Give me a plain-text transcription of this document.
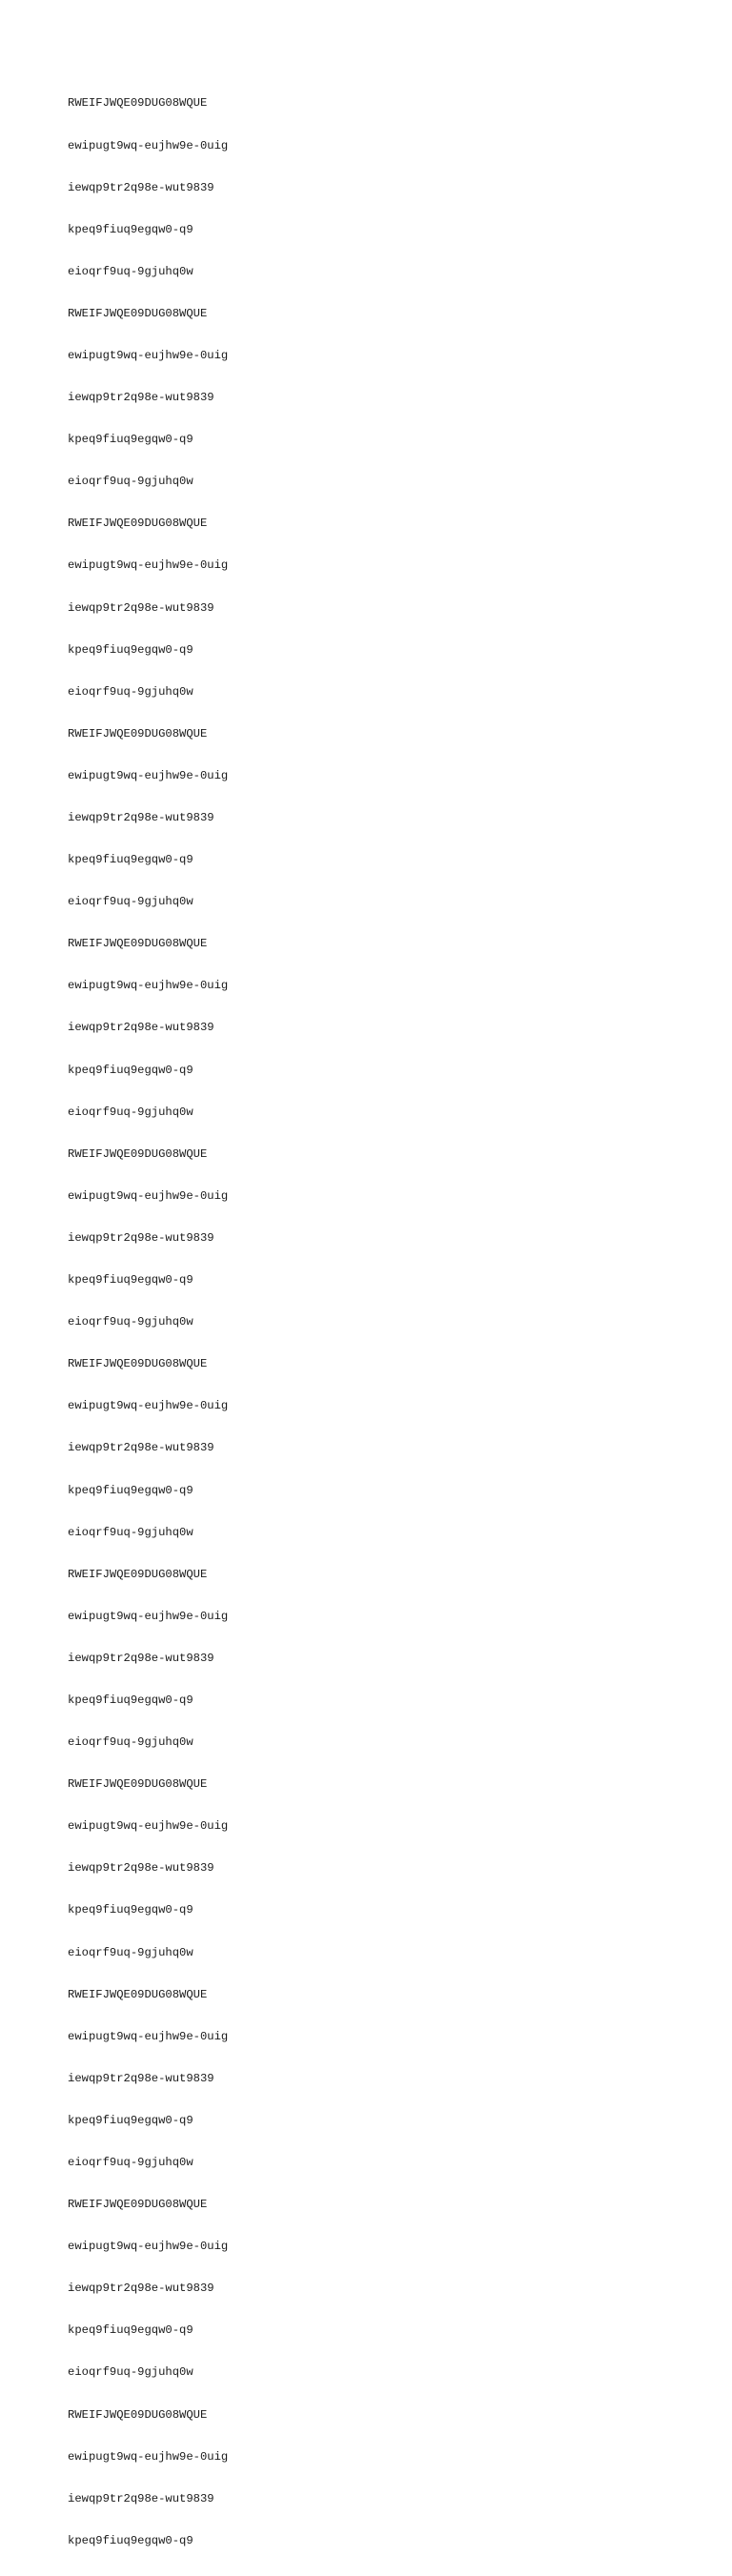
RWEIFJWQE09DUG08WQUE

ewipugt9wq-eujhw9e-0uig

iewqp9tr2q98e-wut9839

kpeq9fiuq9egqw0-q9

eioqrf9uq-9gjuhq0w

RWEIFJWQE09DUG08WQUE

ewipugt9wq-eujhw9e-0uig

iewqp9tr2q98e-wut9839

kpeq9fiuq9egqw0-q9

eioqrf9uq-9gjuhq0w

RWEIFJWQE09DUG08WQUE

ewipugt9wq-eujhw9e-0uig

iewqp9tr2q98e-wut9839

kpeq9fiuq9egqw0-q9

eioqrf9uq-9gjuhq0w

RWEIFJWQE09DUG08WQUE

ewipugt9wq-eujhw9e-0uig

iewqp9tr2q98e-wut9839

kpeq9fiuq9egqw0-q9

eioqrf9uq-9gjuhq0w

RWEIFJWQE09DUG08WQUE

ewipugt9wq-eujhw9e-0uig

iewqp9tr2q98e-wut9839

kpeq9fiuq9egqw0-q9

eioqrf9uq-9gjuhq0w

RWEIFJWQE09DUG08WQUE

ewipugt9wq-eujhw9e-0uig

iewqp9tr2q98e-wut9839

kpeq9fiuq9egqw0-q9

eioqrf9uq-9gjuhq0w

RWEIFJWQE09DUG08WQUE

ewipugt9wq-eujhw9e-0uig

iewqp9tr2q98e-wut9839

kpeq9fiuq9egqw0-q9

eioqrf9uq-9gjuhq0w

RWEIFJWQE09DUG08WQUE

ewipugt9wq-eujhw9e-0uig

iewqp9tr2q98e-wut9839

kpeq9fiuq9egqw0-q9

eioqrf9uq-9gjuhq0w

RWEIFJWQE09DUG08WQUE

ewipugt9wq-eujhw9e-0uig

iewqp9tr2q98e-wut9839

kpeq9fiuq9egqw0-q9

eioqrf9uq-9gjuhq0w

RWEIFJWQE09DUG08WQUE

ewipugt9wq-eujhw9e-0uig

iewqp9tr2q98e-wut9839

kpeq9fiuq9egqw0-q9

eioqrf9uq-9gjuhq0w

RWEIFJWQE09DUG08WQUE

ewipugt9wq-eujhw9e-0uig

iewqp9tr2q98e-wut9839

kpeq9fiuq9egqw0-q9

eioqrf9uq-9gjuhq0w

RWEIFJWQE09DUG08WQUE

ewipugt9wq-eujhw9e-0uig

iewqp9tr2q98e-wut9839

kpeq9fiuq9egqw0-q9
